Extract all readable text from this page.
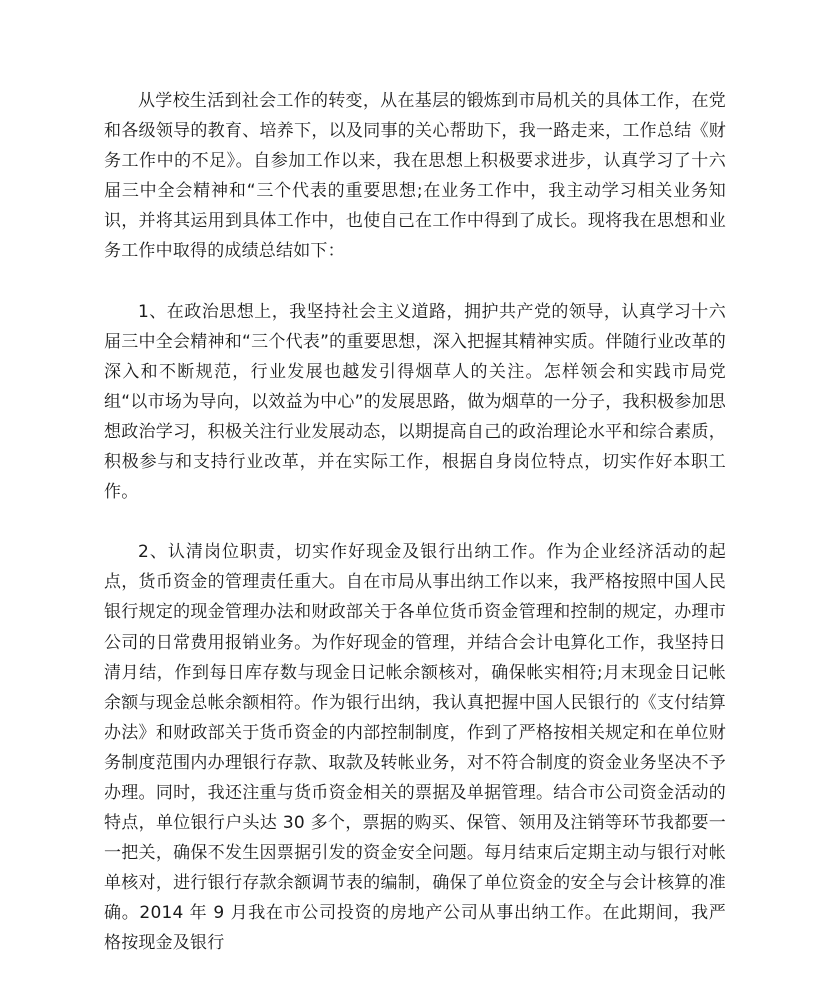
从学校生活到社会工作的转变，从在基层的锻炼到市局机关的具体工作，在党和各级领导的教育、培养下，以及同事的关心帮助下，我一路走来，工作总结《财务工作中的不足》。自参加工作以来，我在思想上积极要求进步，认真学习了十六届三中全会精神和“三个代表的重要思想;在业务工作中，我主动学习相关业务知识，并将其运用到具体工作中，也使自己在工作中得到了成长。现将我在思想和业务工作中取得的成绩总结如下：

1、在政治思想上，我坚持社会主义道路，拥护共产党的领导，认真学习十六届三中全会精神和“三个代表”的重要思想，深入把握其精神实质。伴随行业改革的深入和不断规范，行业发展也越发引得烟草人的关注。怎样领会和实践市局党组“以市场为导向，以效益为中心”的发展思路，做为烟草的一分子，我积极参加思想政治学习，积极关注行业发展动态，以期提高自己的政治理论水平和综合素质，积极参与和支持行业改革，并在实际工作，根据自身岗位特点，切实作好本职工作。

2、认清岗位职责，切实作好现金及银行出纳工作。作为企业经济活动的起点，货币资金的管理责任重大。自在市局从事出纳工作以来，我严格按照中国人民银行规定的现金管理办法和财政部关于各单位货币资金管理和控制的规定，办理市公司的日常费用报销业务。为作好现金的管理，并结合会计电算化工作，我坚持日清月结，作到每日库存数与现金日记帐余额核对，确保帐实相符;月末现金日记帐余额与现金总帐余额相符。作为银行出纳，我认真把握中国人民银行的《支付结算办法》和财政部关于货币资金的内部控制制度，作到了严格按相关规定和在单位财务制度范围内办理银行存款、取款及转帐业务，对不符合制度的资金业务坚决不予办理。同时，我还注重与货币资金相关的票据及单据管理。结合市公司资金活动的特点，单位银行户头达 30 多个，票据的购买、保管、领用及注销等环节我都要一一把关，确保不发生因票据引发的资金安全问题。每月结束后定期主动与银行对帐单核对，进行银行存款余额调节表的编制，确保了单位资金的安全与会计核算的准确。2014 年 9 月我在市公司投资的房地产公司从事出纳工作。在此期间，我严格按现金及银行
